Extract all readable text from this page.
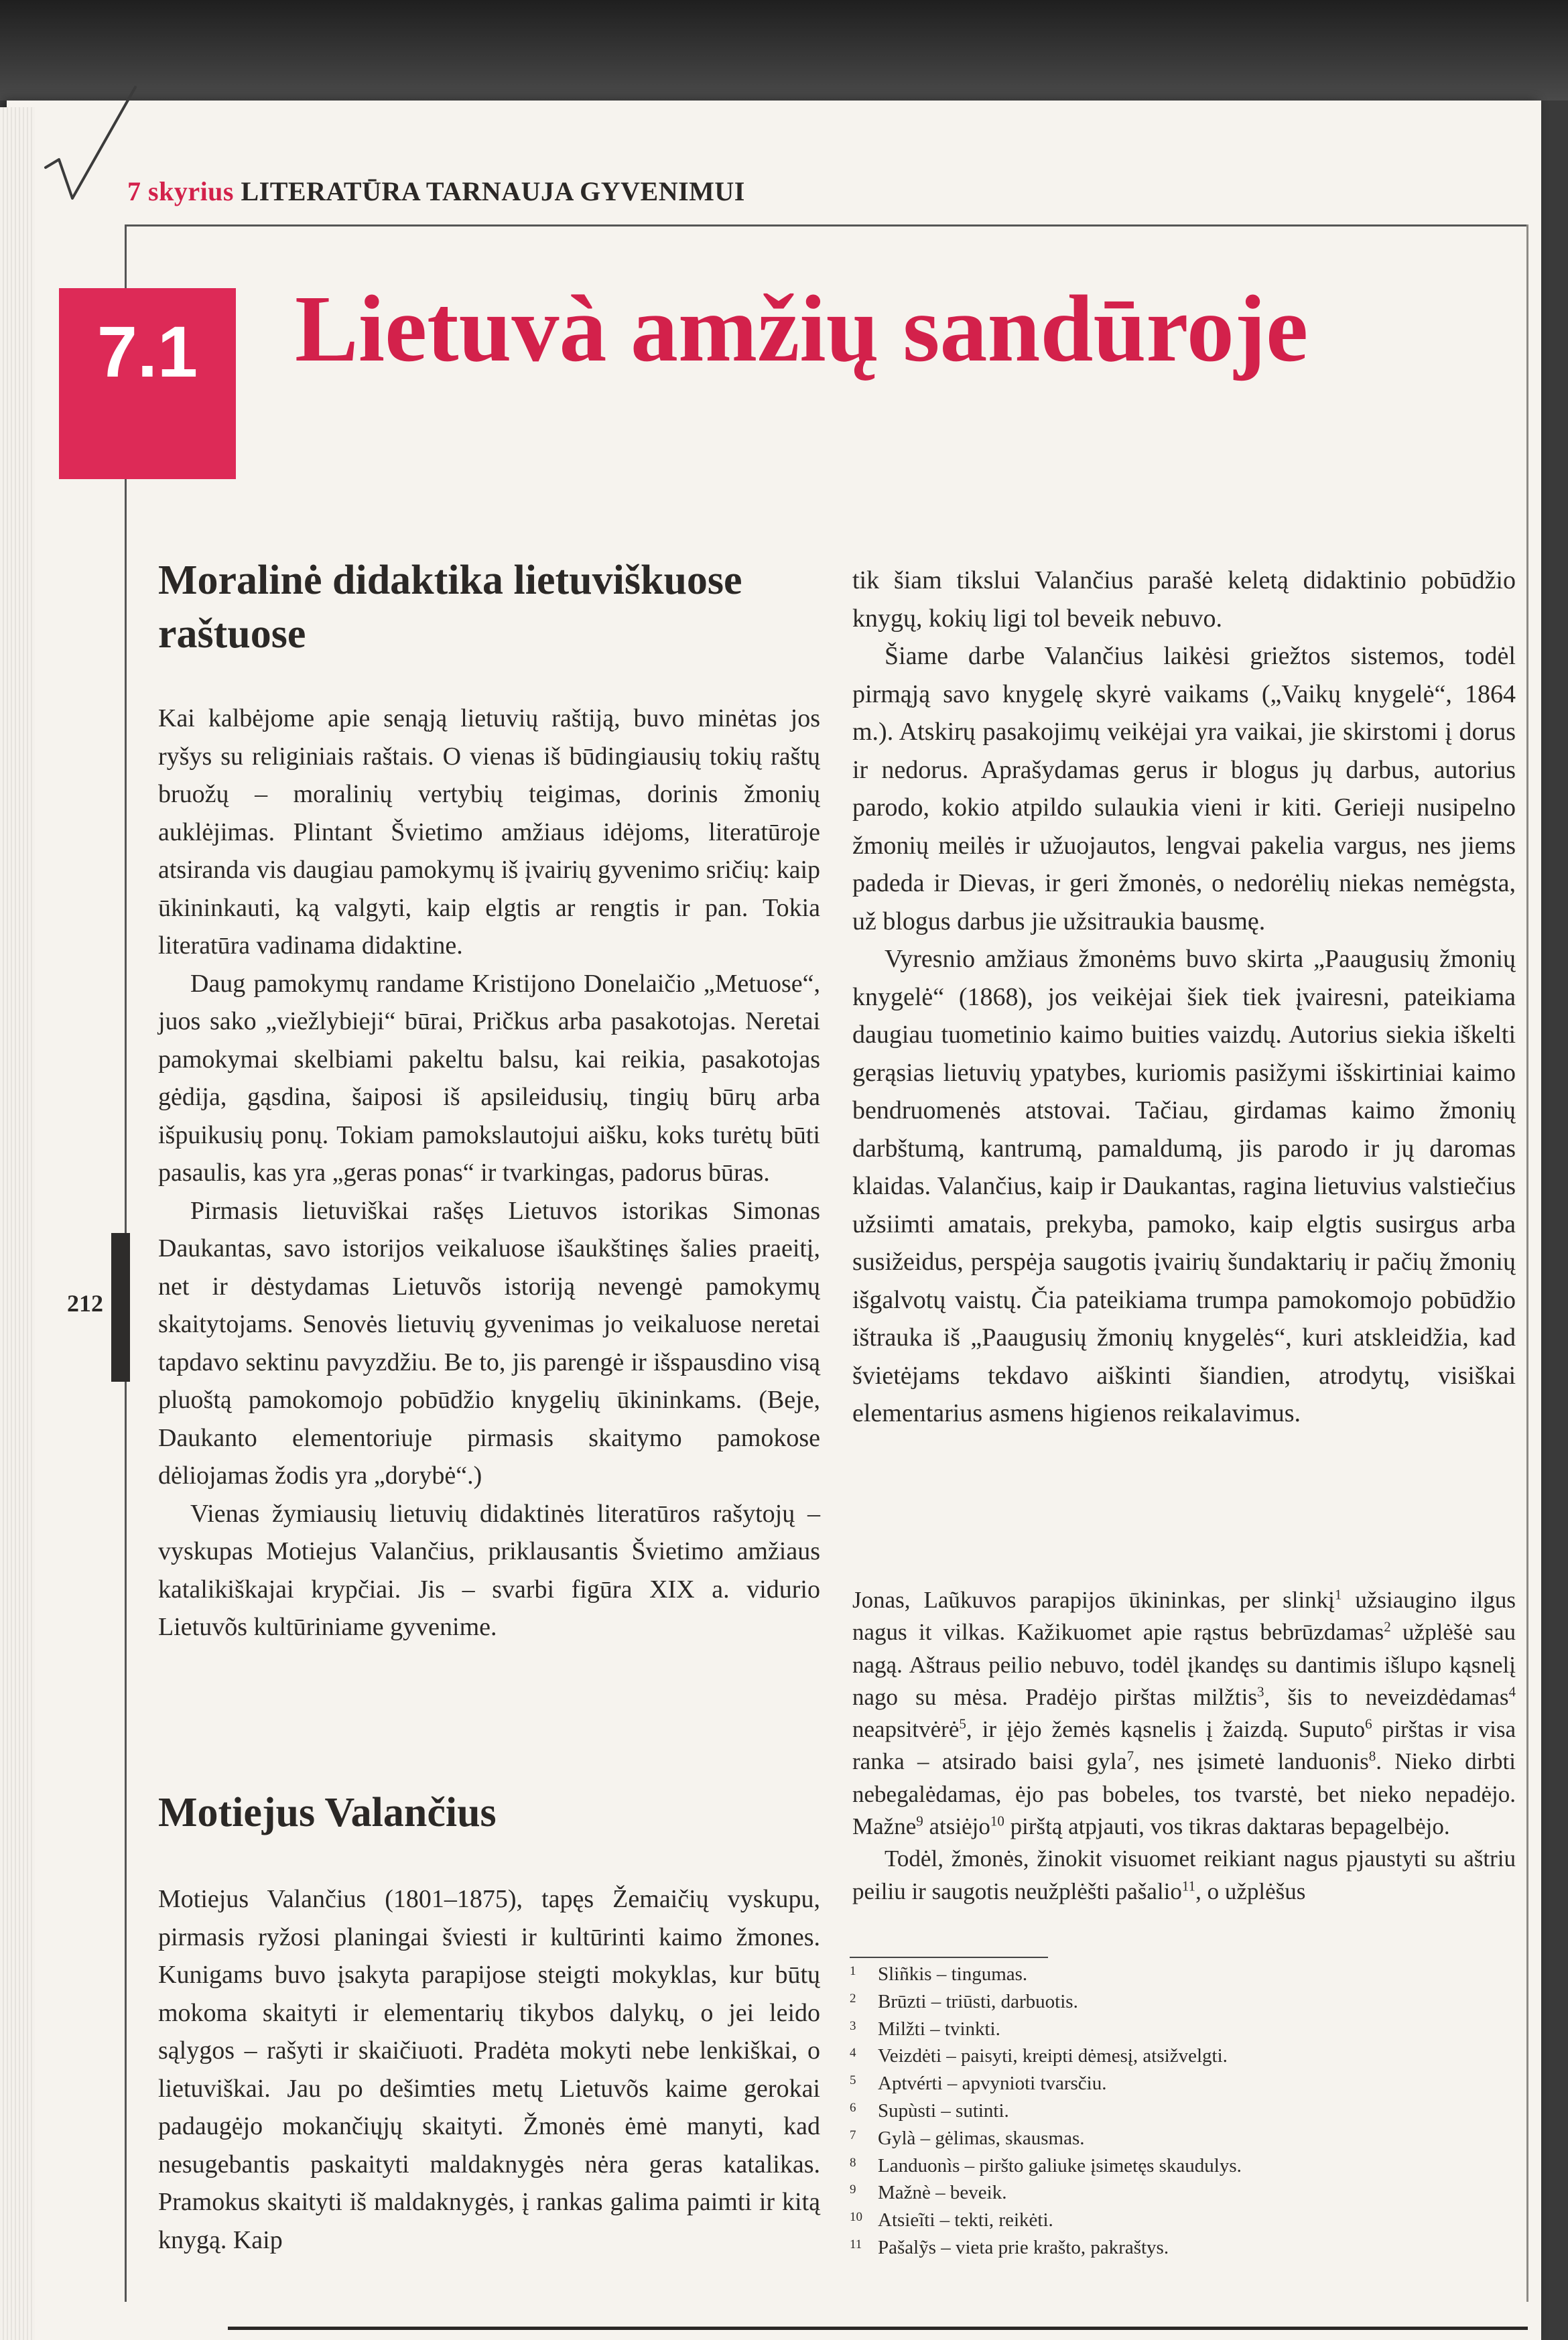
7 skyrius LITERATŪRA TARNAUJA GYVENIMUI
7.1	Lietuvà amžių sandūroje
212
Moralinė didaktika lietuviškuose raštuose

Kai kalbėjome apie senąją lietuvių raštiją, buvo minėtas jos ryšys su religiniais raštais. O vienas iš būdingiausių tokių raštų bruožų – moralinių vertybių teigimas, dorinis žmonių auklėjimas. Plintant Švietimo amžiaus idėjoms, literatūroje atsiranda vis daugiau pamokymų iš įvairių gyvenimo sričių: kaip ūkininkauti, ką valgyti, kaip elgtis ar rengtis ir pan. Tokia literatūra vadinama didaktine.

Daug pamokymų randame Kristijono Donelaičio „Metuose“, juos sako „viežlybieji“ būrai, Pričkus arba pasakotojas. Neretai pamokymai skelbiami pakeltu balsu, kai reikia, pasakotojas gėdija, gąsdina, šaiposi iš apsileidusių, tingių būrų arba išpuikusių ponų. Tokiam pamokslautojui aišku, koks turėtų būti pasaulis, kas yra „geras ponas“ ir tvarkingas, padorus būras.

Pirmasis lietuviškai rašęs Lietuvos istorikas Simonas Daukantas, savo istorijos veikaluose išaukštinęs šalies praeitį, net ir dėstydamas Lietuvõs istoriją nevengė pamokymų skaitytojams. Senovės lietuvių gyvenimas jo veikaluose neretai tapdavo sektinu pavyzdžiu. Be to, jis parengė ir išspausdino visą pluoštą pamokomojo pobūdžio knygelių ūkininkams. (Beje, Daukanto elementoriuje pirmasis skaitymo pamokose dėliojamas žodis yra „dorybė“.)

Vienas žymiausių lietuvių didaktinės literatūros rašytojų – vyskupas Motiejus Valančius, priklausantis Švietimo amžiaus katalikiškajai krypčiai. Jis – svarbi figūra XIX a. vidurio Lietuvõs kultūriniame gyvenime.

Motiejus Valančius

Motiejus Valančius (1801–1875), tapęs Žemaičių vyskupu, pirmasis ryžosi planingai šviesti ir kultūrinti kaimo žmones. Kunigams buvo įsakyta parapijose steigti mokyklas, kur būtų mokoma skaityti ir elementarių tikybos dalykų, o jei leido sąlygos – rašyti ir skaičiuoti. Pradėta mokyti nebe lenkiškai, o lietuviškai. Jau po dešimties metų Lietuvõs kaime gerokai padaugėjo mokančiųjų skaityti. Žmonės ėmė manyti, kad nesugebantis paskaityti maldaknygės nėra geras katalikas. Pramokus skaityti iš maldaknygės, į rankas galima paimti ir kitą knygą. Kaip

tik šiam tikslui Valančius parašė keletą didaktinio pobūdžio knygų, kokių ligi tol beveik nebuvo.

Šiame darbe Valančius laikėsi griežtos sistemos, todėl pirmąją savo knygelę skyrė vaikams („Vaikų knygelė“, 1864 m.). Atskirų pasakojimų veikėjai yra vaikai, jie skirstomi į dorus ir nedorus. Aprašydamas gerus ir blogus jų darbus, autorius parodo, kokio atpildo sulaukia vieni ir kiti. Gerieji nusipelno žmonių meilės ir užuojautos, lengvai pakelia vargus, nes jiems padeda ir Dievas, ir geri žmonės, o nedorėlių niekas nemėgsta, už blogus darbus jie užsitraukia bausmę.

Vyresnio amžiaus žmonėms buvo skirta „Paaugusių žmonių knygelė“ (1868), jos veikėjai šiek tiek įvairesni, pateikiama daugiau tuometinio kaimo buities vaizdų. Autorius siekia iškelti gerąsias lietuvių ypatybes, kuriomis pasižymi išskirtiniai kaimo bendruomenės atstovai. Tačiau, girdamas kaimo žmonių darbštumą, kantrumą, pamaldumą, jis parodo ir jų daromas klaidas. Valančius, kaip ir Daukantas, ragina lietuvius valstiečius užsiimti amatais, prekyba, pamoko, kaip elgtis susirgus arba susižeidus, perspėja saugotis įvairių šundaktarių ir pačių žmonių išgalvotų vaistų. Čia pateikiama trumpa pamokomojo pobūdžio ištrauka iš „Paaugusių žmonių knygelės“, kuri atskleidžia, kad švietėjams tekdavo aiškinti šiandien, atrodytų, visiškai elementarius asmens higienos reikalavimus.

Jonas, Laũkuvos parapijos ūkininkas, per slinkį$^1$ užsiaugino ilgus nagus it vilkas. Kažikuomet apie rąstus bebrūzdamas$^2$ užplėšė sau nagą. Aštraus peilio nebuvo, todėl įkandęs su dantimis išlupo kąsnelį nago su mėsa. Pradėjo pirštas milžtis$^3$, šis to neveizdėdamas$^4$ neapsitvėrė$^5$, ir įėjo žemės kąsnelis į žaizdą. Suputo$^6$ pirštas ir visa ranka – atsirado baisi gyla$^7$, nes įsimetė landuonis$^8$. Nieko dirbti nebegalėdamas, ėjo pas bobeles, tos tvarstė, bet nieko nepadėjo. Mažne$^9$ atsiėjo$^{10}$ pirštą atpjauti, vos tikras daktaras bepagelbėjo.

Todėl, žmonės, žinokit visuomet reikiant nagus pjaustyti su aštriu peiliu ir saugotis neužplėšti pašalio$^{11}$, o užplėšus

1 Sliñkis – tingumas.
2 Brūzti – triūsti, darbuotis.
3 Milžti – tvinkti.
4 Veizdėti – paisyti, kreipti dėmesį, atsižvelgti.
5 Aptvérti – apvynioti tvarsčiu.
6 Supùsti – sutinti.
7 Gylà – gėlimas, skausmas.
8 Landuonìs – piršto galiuke įsimetęs skaudulys.
9 Mažnè – beveik.
10 Atsieĩti – tekti, reikėti.
11 Pašalỹs – vieta prie krašto, pakraštys.
